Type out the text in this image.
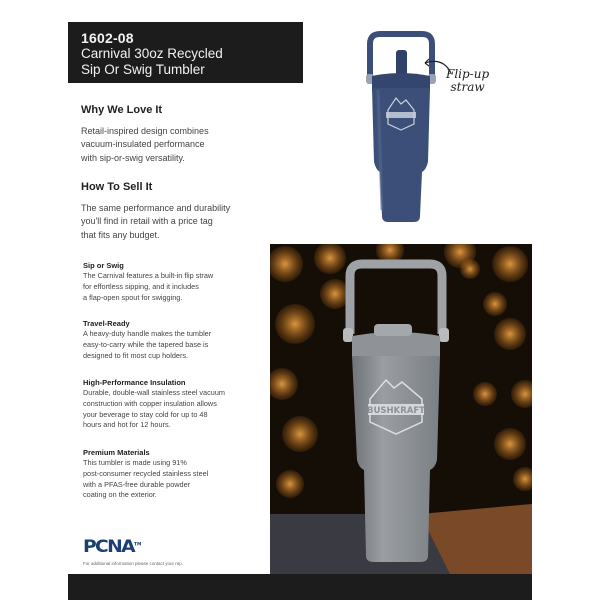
1602-08
Carnival 30oz Recycled
Sip Or Swig Tumbler
Why We Love It
Retail-inspired design combines
vacuum-insulated performance
with sip-or-swig versatility.
How To Sell It
The same performance and durability
you'll find in retail with a price tag
that fits any budget.
Sip or Swig
The Carnival features a built-in flip straw
for effortless sipping, and it includes
a flap-open spout for swigging.
Travel-Ready
A heavy-duty handle makes the tumbler
easy-to-carry while the tapered base is
designed to fit most cup holders.
High-Performance Insulation
Durable, double-wall stainless steel vacuum
construction with copper insulation allows
your beverage to stay cold for up to 48
hours and hot for 12 hours.
Premium Materials
This tumbler is made using 91%
post-consumer recycled stainless steel
with a PFAS-free durable powder
coating on the exterior.
PCNA™
For additional information please contact your rep.
Flip-up
straw
BUSHKRAFT
